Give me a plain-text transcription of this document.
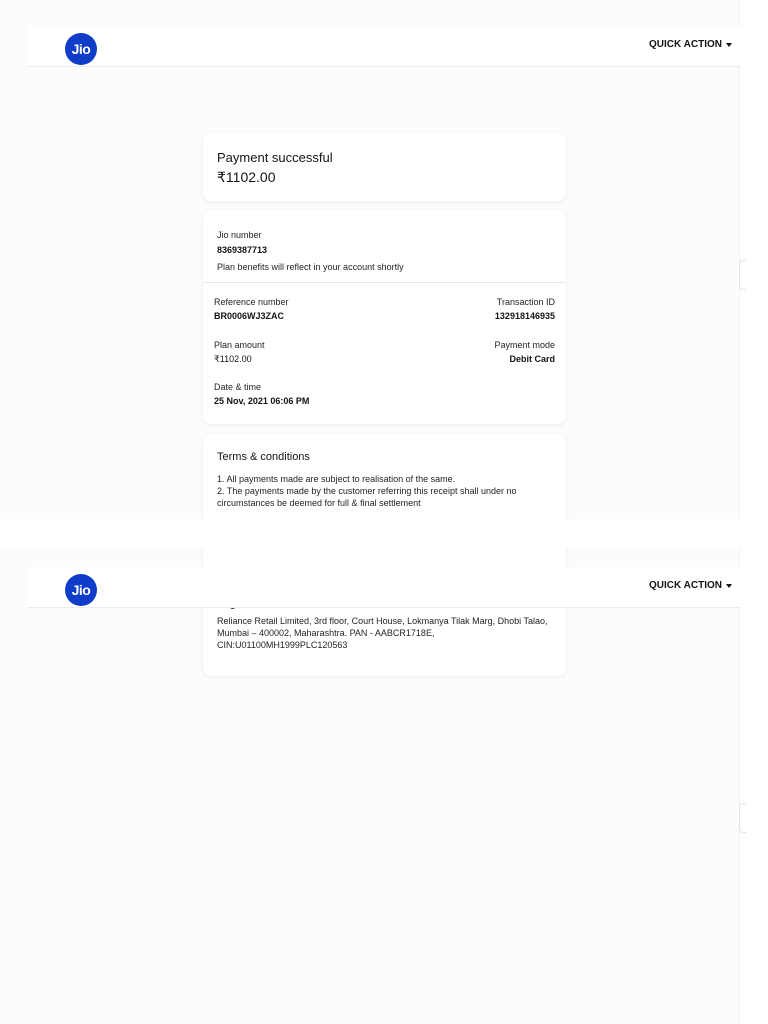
Jio	QUICK ACTION
Payment successful
₹1102.00
Jio number
8369387713
Plan benefits will reflect in your account shortly
Reference number
BR0006WJ3ZAC
Transaction ID
132918146935
Plan amount
₹1102.00
Payment mode
Debit Card
Date & time
25 Nov, 2021 06:06 PM
Terms & conditions
1. All payments made are subject to realisation of the same.
2. The payments made by the customer referring this receipt shall under no circumstances be deemed for full & final settlement
Reliance Retail Limited, 3rd floor, Court House, Lokmanya Tilak Marg, Dhobi Talao, Mumbai – 400002, Maharashtra. PAN - AABCR1718E, CIN:U01100MH1999PLC120563
Jio	QUICK ACTION
